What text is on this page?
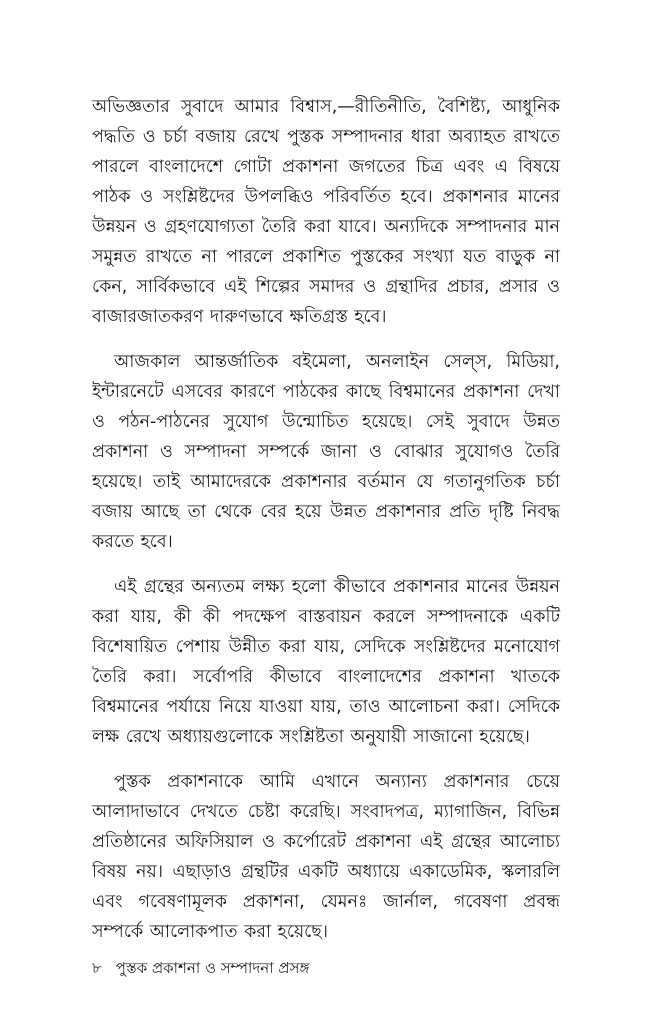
অভিজ্ঞতার সুবাদে আমার বিশ্বাস,—রীতিনীতি, বৈশিষ্ট্য, আধুনিক পদ্ধতি ও চর্চা বজায় রেখে পুস্তক সম্পাদনার ধারা অব্যাহত রাখতে পারলে বাংলাদেশে গোটা প্রকাশনা জগতের চিত্র এবং এ বিষয়ে পাঠক ও সংশ্লিষ্টদের উপলব্ধিও পরিবর্তিত হবে। প্রকাশনার মানের উন্নয়ন ও গ্রহণযোগ্যতা তৈরি করা যাবে। অন্যদিকে সম্পাদনার মান সমুন্নত রাখতে না পারলে প্রকাশিত পুস্তকের সংখ্যা যত বাড়ুক না কেন, সার্বিকভাবে এই শিল্পের সমাদর ও গ্রন্থাদির প্রচার, প্রসার ও বাজারজাতকরণ দারুণভাবে ক্ষতিগ্রস্ত হবে।

আজকাল আন্তর্জাতিক বইমেলা, অনলাইন সেল্‌স, মিডিয়া, ইন্টারনেটে এসবের কারণে পাঠকের কাছে বিশ্বমানের প্রকাশনা দেখা ও পঠন-পাঠনের সুযোগ উন্মোচিত হয়েছে। সেই সুবাদে উন্নত প্রকাশনা ও সম্পাদনা সম্পর্কে জানা ও বোঝার সুযোগও তৈরি হয়েছে। তাই আমাদেরকে প্রকাশনার বর্তমান যে গতানুগতিক চর্চা বজায় আছে তা থেকে বের হয়ে উন্নত প্রকাশনার প্রতি দৃষ্টি নিবদ্ধ করতে হবে।

এই গ্রন্থের অন্যতম লক্ষ্য হলো কীভাবে প্রকাশনার মানের উন্নয়ন করা যায়, কী কী পদক্ষেপ বাস্তবায়ন করলে সম্পাদনাকে একটি বিশেষায়িত পেশায় উন্নীত করা যায়, সেদিকে সংশ্লিষ্টদের মনোযোগ তৈরি করা। সর্বোপরি কীভাবে বাংলাদেশের প্রকাশনা খাতকে বিশ্বমানের পর্যায়ে নিয়ে যাওয়া যায়, তাও আলোচনা করা। সেদিকে লক্ষ রেখে অধ্যায়গুলোকে সংশ্লিষ্টতা অনুযায়ী সাজানো হয়েছে।

পুস্তক প্রকাশনাকে আমি এখানে অন্যান্য প্রকাশনার চেয়ে আলাদাভাবে দেখতে চেষ্টা করেছি। সংবাদপত্র, ম্যাগাজিন, বিভিন্ন প্রতিষ্ঠানের অফিসিয়াল ও কর্পোরেট প্রকাশনা এই গ্রন্থের আলোচ্য বিষয় নয়। এছাড়াও গ্রন্থটির একটি অধ্যায়ে একাডেমিক, স্কলারলি এবং গবেষণামূলক প্রকাশনা, যেমনঃ জার্নাল, গবেষণা প্রবন্ধ সম্পর্কে আলোকপাত করা হয়েছে।

৮ পুস্তক প্রকাশনা ও সম্পাদনা প্রসঙ্গ
